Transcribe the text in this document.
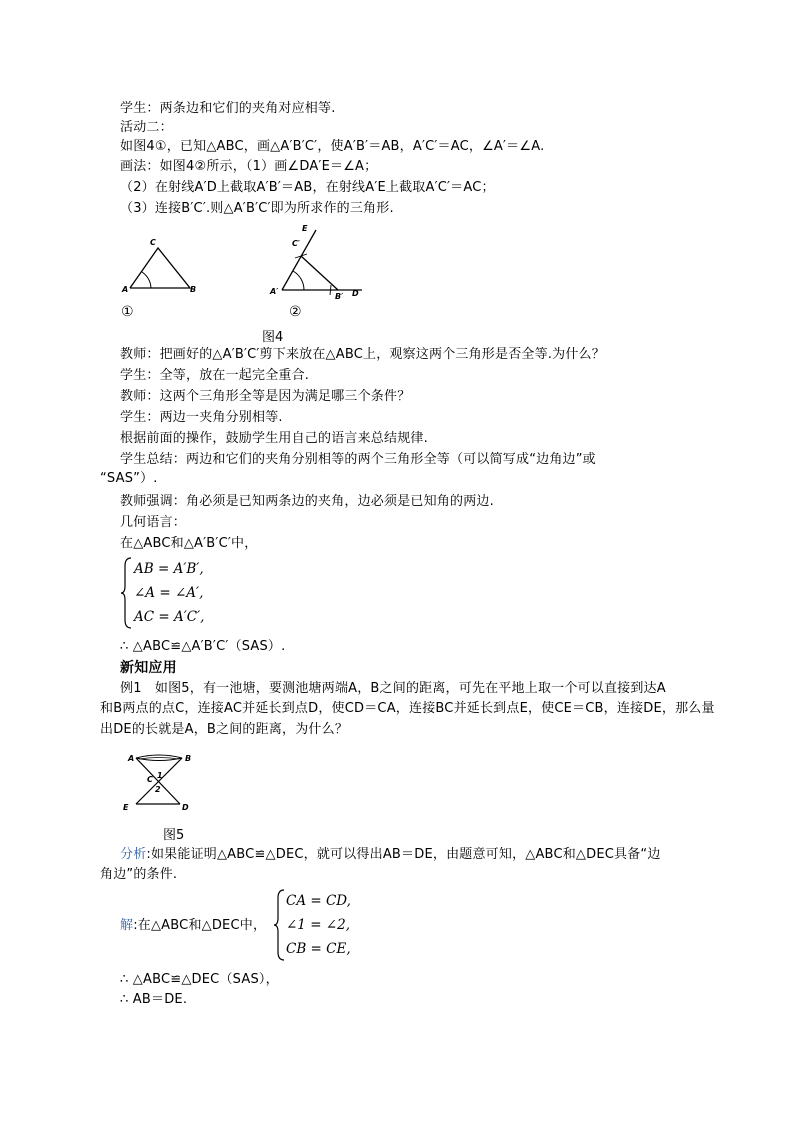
学生：两条边和它们的夹角对应相等.
活动二：
如图4①，已知△ABC，画△A′B′C′，使A′B′＝AB，A′C′＝AC，∠A′＝∠A.
画法：如图4②所示，（1）画∠DA′E＝∠A；
（2）在射线A′D上截取A′B′＝AB，在射线A′E上截取A′C′＝AC；
（3）连接B′C′.则△A′B′C′即为所求作的三角形.
C
A	B
E
C′
A′
B′ D
①	②
图4
教师：把画好的△A′B′C′剪下来放在△ABC上，观察这两个三角形是否全等.为什么？
学生：全等，放在一起完全重合.
教师：这两个三角形全等是因为满足哪三个条件？
学生：两边一夹角分别相等.
根据前面的操作，鼓励学生用自己的语言来总结规律.
学生总结：两边和它们的夹角分别相等的两个三角形全等（可以简写成“边角边”或
“SAS”）.
教师强调：角必须是已知两条边的夹角，边必须是已知角的两边.
几何语言：
在△ABC和△A′B′C′中，
AB = A′B′,
∠A = ∠A′,
AC = A′C′,
∴ △ABC≌△A′B′C′（SAS）.
新知应用
例1　如图5，有一池塘，要测池塘两端A，B之间的距离，可先在平地上取一个可以直接到达A
和B两点的点C，连接AC并延长到点D，使CD＝CA，连接BC并延长到点E，使CE＝CB，连接DE，那么量
出DE的长就是A，B之间的距离，为什么？
A	B
C 1
2
E	D
图5
分析:如果能证明△ABC≌△DEC，就可以得出AB＝DE，由题意可知，△ABC和△DEC具备“边
角边”的条件.
解:在△ABC和△DEC中，
CA = CD,
∠1 = ∠2,
CB = CE,
∴ △ABC≌△DEC（SAS），
∴ AB＝DE.
